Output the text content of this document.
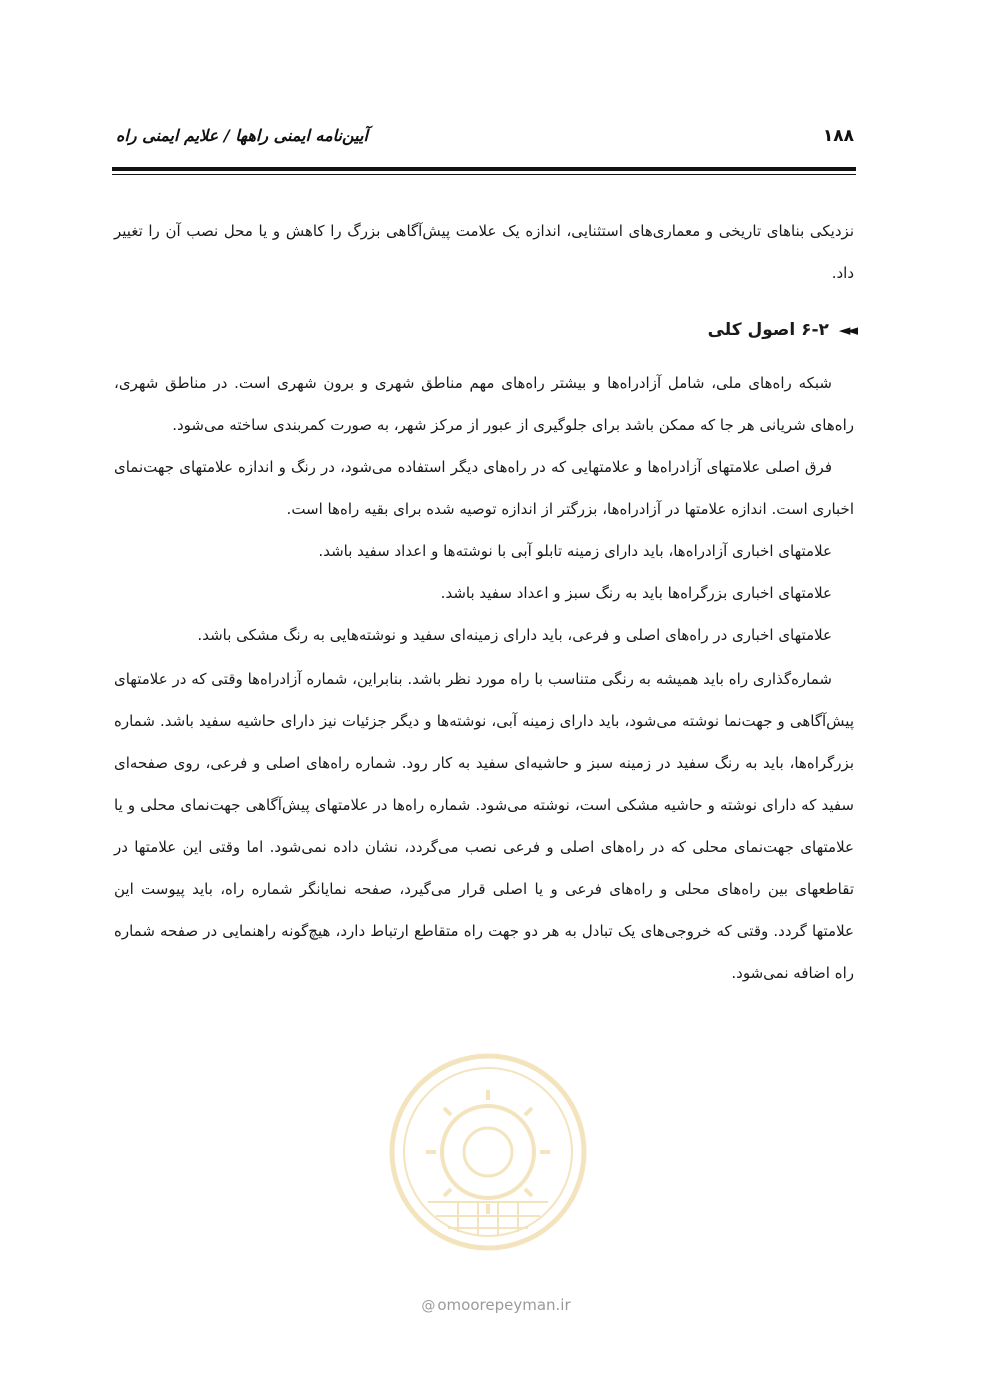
۱۸۸
آیین‌نامه ایمنی راهها / علایم ایمنی راه

نزدیکی بناهای تاریخی و معماری‌های استثنایی، اندازه یک علامت پیش‌آگاهی بزرگ را کاهش و یا محل نصب آن را تغییر داد.

◄◄
۶-۲ اصول کلی

شبکه راه‌های ملی، شامل آزادراه‌ها و بیشتر راه‌های مهم مناطق شهری و برون شهری است. در مناطق شهری، راه‌های شریانی هر جا که ممکن باشد برای جلوگیری از عبور از مرکز شهر، به صورت کمربندی ساخته می‌شود.

فرق اصلی علامتهای آزادراه‌ها و علامتهایی که در راه‌های دیگر استفاده می‌شود، در رنگ و اندازه علامتهای جهت‌نمای اخباری است. اندازه علامتها در آزادراه‌ها، بزرگتر از اندازه توصیه شده برای بقیه راه‌ها است.

علامتهای اخباری آزادراه‌ها، باید دارای زمینه تابلو آبی با نوشته‌ها و اعداد سفید باشد.

علامتهای اخباری بزرگراه‌ها باید به رنگ سبز و اعداد سفید باشد.

علامتهای اخباری در راه‌های اصلی و فرعی، باید دارای زمینه‌ای سفید و نوشته‌هایی به رنگ مشکی باشد.

شماره‌گذاری راه باید همیشه به رنگی متناسب با راه مورد نظر باشد. بنابراین، شماره آزادراه‌ها وقتی که در علامتهای پیش‌آگاهی و جهت‌نما نوشته می‌شود، باید دارای زمینه آبی، نوشته‌ها و دیگر جزئیات نیز دارای حاشیه سفید باشد. شماره بزرگراه‌ها، باید به رنگ سفید در زمینه سبز و حاشیه‌ای سفید به کار رود. شماره راه‌های اصلی و فرعی، روی صفحه‌ای سفید که دارای نوشته و حاشیه مشکی است، نوشته می‌شود. شماره راه‌ها در علامتهای پیش‌آگاهی جهت‌نمای محلی و یا علامتهای جهت‌نمای محلی که در راه‌های اصلی و فرعی نصب می‌گردد، نشان داده نمی‌شود. اما وقتی این علامتها در تقاطعهای بین راه‌های محلی و راه‌های فرعی و یا اصلی قرار می‌گیرد، صفحه نمایانگر شماره راه، باید پیوست این علامتها گردد. وقتی که خروجی‌های یک تبادل به هر دو جهت راه متقاطع ارتباط دارد، هیچ‌گونه راهنمایی در صفحه شماره راه اضافه نمی‌شود.

@ omoorepeyman.ir
